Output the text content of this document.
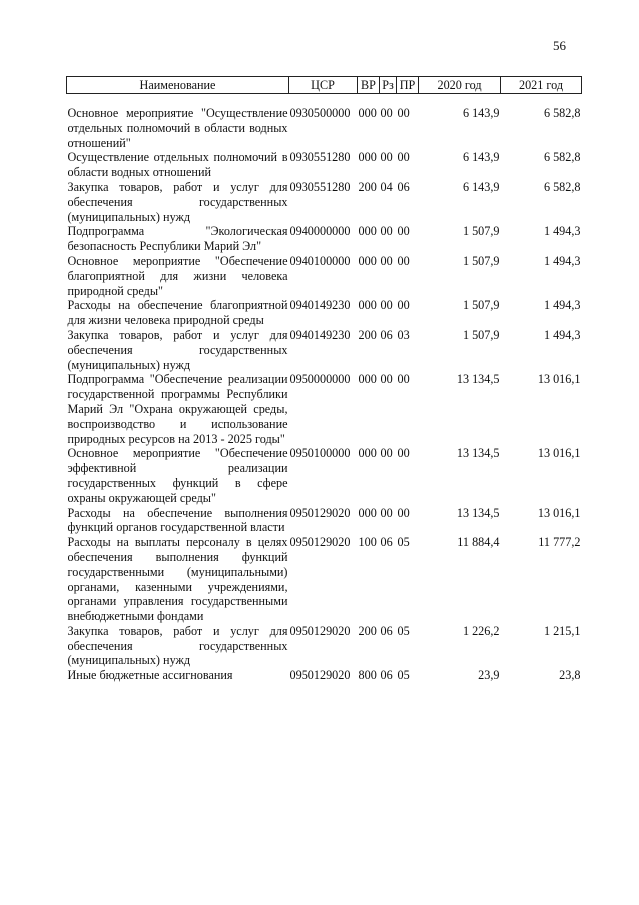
56
Наименование	ЦСР	ВР	Рз	ПР	2020 год	2021 год
Основное мероприятие "Осуществление отдельных полномочий в области водных отношений"	0930500000	000	00	00	6 143,9	6 582,8
Осуществление отдельных полномочий в области водных отношений	0930551280	000	00	00	6 143,9	6 582,8
Закупка товаров, работ и услуг для обеспечения государственных (муниципальных) нужд	0930551280	200	04	06	6 143,9	6 582,8
Подпрограмма "Экологическая безопасность Республики Марий Эл"	0940000000	000	00	00	1 507,9	1 494,3
Основное мероприятие "Обеспечение благоприятной для жизни человека природной среды"	0940100000	000	00	00	1 507,9	1 494,3
Расходы на обеспечение благоприятной для жизни человека природной среды	0940149230	000	00	00	1 507,9	1 494,3
Закупка товаров, работ и услуг для обеспечения государственных (муниципальных) нужд	0940149230	200	06	03	1 507,9	1 494,3
Подпрограмма "Обеспечение реализации государственной программы Республики Марий Эл "Охрана окружающей среды, воспроизводство и использование природных ресурсов на 2013 - 2025 годы"	0950000000	000	00	00	13 134,5	13 016,1
Основное мероприятие "Обеспечение эффективной реализации государственных функций в сфере охраны окружающей среды"	0950100000	000	00	00	13 134,5	13 016,1
Расходы на обеспечение выполнения функций органов государственной власти	0950129020	000	00	00	13 134,5	13 016,1
Расходы на выплаты персоналу в целях обеспечения выполнения функций государственными (муниципальными) органами, казенными учреждениями, органами управления государственными внебюджетными фондами	0950129020	100	06	05	11 884,4	11 777,2
Закупка товаров, работ и услуг для обеспечения государственных (муниципальных) нужд	0950129020	200	06	05	1 226,2	1 215,1
Иные бюджетные ассигнования	0950129020	800	06	05	23,9	23,8
